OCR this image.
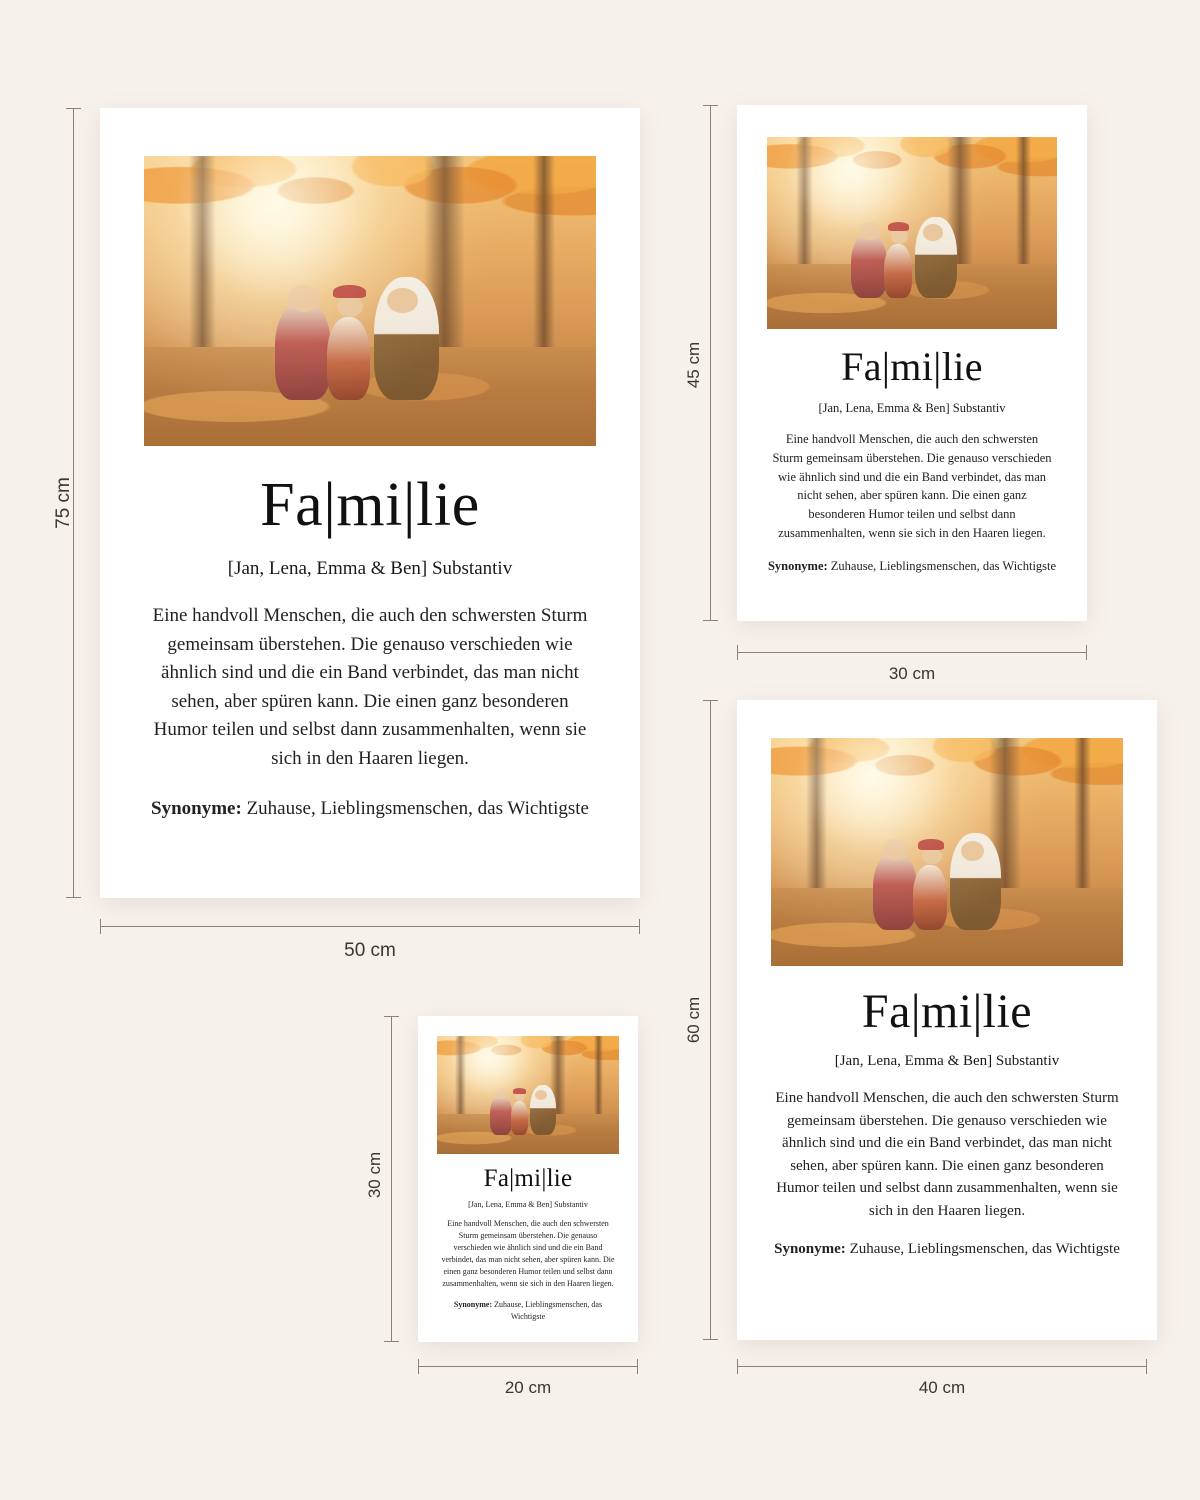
Fa|mi|lie
[Jan, Lena, Emma & Ben] Substantiv
Eine handvoll Menschen, die auch den schwersten Sturm gemeinsam überstehen. Die genauso verschieden wie ähnlich sind und die ein Band verbindet, das man nicht sehen, aber spüren kann. Die einen ganz besonderen Humor teilen und selbst dann zusammenhalten, wenn sie sich in den Haaren liegen.
Synonyme: Zuhause, Lieblingsmenschen, das Wichtigste
75 cm
50 cm
Fa|mi|lie
[Jan, Lena, Emma & Ben] Substantiv
Eine handvoll Menschen, die auch den schwersten Sturm gemeinsam überstehen. Die genauso verschieden wie ähnlich sind und die ein Band verbindet, das man nicht sehen, aber spüren kann. Die einen ganz besonderen Humor teilen und selbst dann zusammenhalten, wenn sie sich in den Haaren liegen.
Synonyme: Zuhause, Lieblingsmenschen, das Wichtigste
45 cm
30 cm
Fa|mi|lie
[Jan, Lena, Emma & Ben] Substantiv
Eine handvoll Menschen, die auch den schwersten Sturm gemeinsam überstehen. Die genauso verschieden wie ähnlich sind und die ein Band verbindet, das man nicht sehen, aber spüren kann. Die einen ganz besonderen Humor teilen und selbst dann zusammenhalten, wenn sie sich in den Haaren liegen.
Synonyme: Zuhause, Lieblingsmenschen, das Wichtigste
60 cm
40 cm
Fa|mi|lie
[Jan, Lena, Emma & Ben] Substantiv
Eine handvoll Menschen, die auch den schwersten Sturm gemeinsam überstehen. Die genauso verschieden wie ähnlich sind und die ein Band verbindet, das man nicht sehen, aber spüren kann. Die einen ganz besonderen Humor teilen und selbst dann zusammenhalten, wenn sie sich in den Haaren liegen.
Synonyme: Zuhause, Lieblingsmenschen, das Wichtigste
30 cm
20 cm
